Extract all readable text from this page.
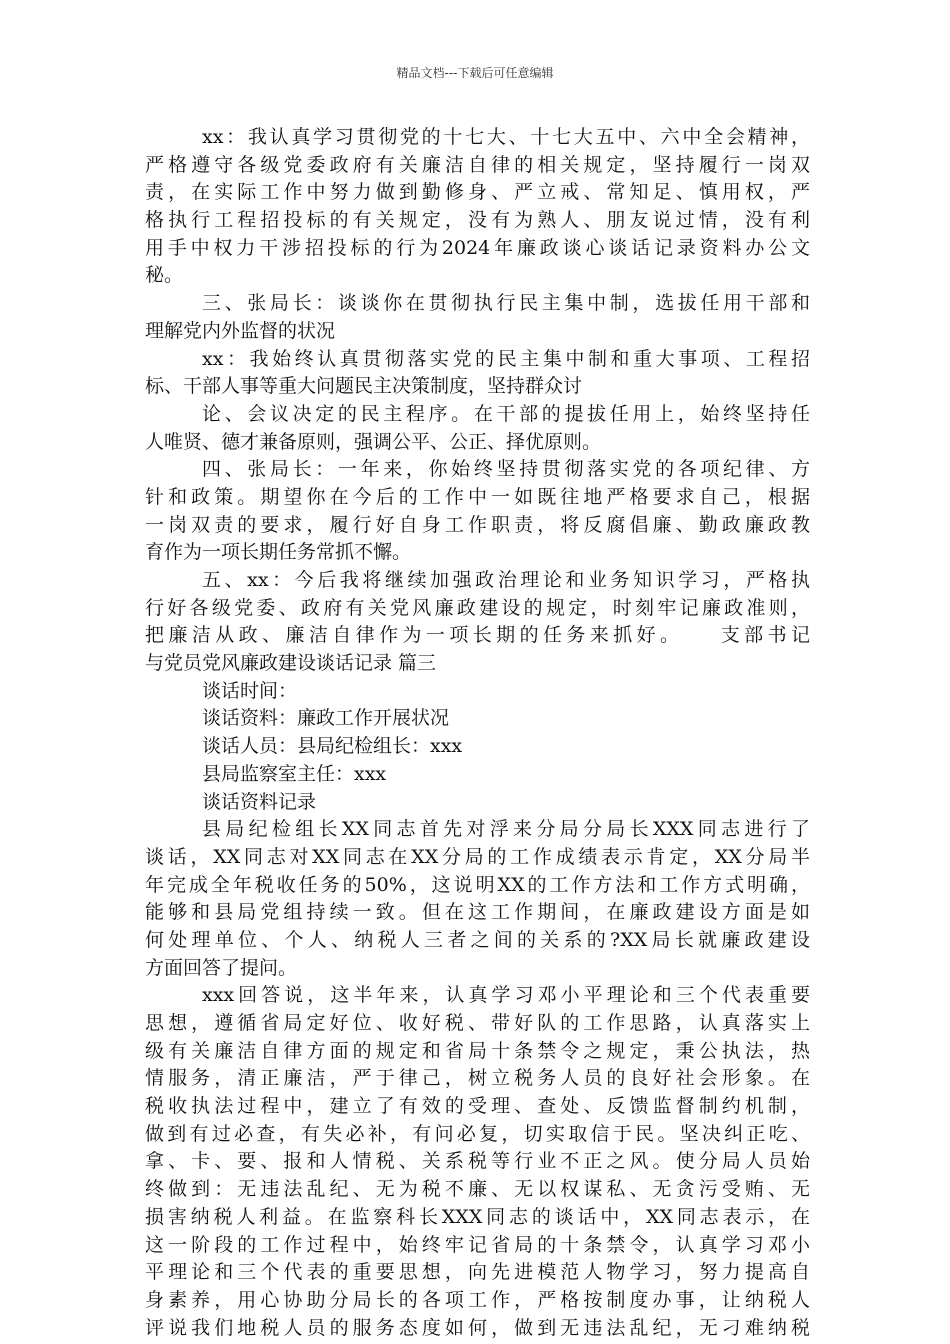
精品文档---下载后可任意编辑
xx：我认真学习贯彻党的十七大、十七大五中、六中全会精神，
严格遵守各级党委政府有关廉洁自律的相关规定，坚持履行一岗双
责，在实际工作中努力做到勤修身、严立戒、常知足、慎用权，严
格执行工程招投标的有关规定，没有为熟人、朋友说过情，没有利
用手中权力干涉招投标的行为2024年廉政谈心谈话记录资料办公文
秘。
三、张局长：谈谈你在贯彻执行民主集中制，选拔任用干部和
理解党内外监督的状况
xx：我始终认真贯彻落实党的民主集中制和重大事项、工程招
标、干部人事等重大问题民主决策制度，坚持群众讨
论、会议决定的民主程序。在干部的提拔任用上，始终坚持任
人唯贤、德才兼备原则，强调公平、公正、择优原则。
四、张局长：一年来，你始终坚持贯彻落实党的各项纪律、方
针和政策。期望你在今后的工作中一如既往地严格要求自己，根据
一岗双责的要求，履行好自身工作职责，将反腐倡廉、勤政廉政教
育作为一项长期任务常抓不懈。
五、xx：今后我将继续加强政治理论和业务知识学习，严格执
行好各级党委、政府有关党风廉政建设的规定，时刻牢记廉政准则，
把廉洁从政、廉洁自律作为一项长期的任务来抓好。　　支部书记
与党员党风廉政建设谈话记录 篇三
谈话时间：
谈话资料：廉政工作开展状况
谈话人员：县局纪检组长：xxx
县局监察室主任：xxx
谈话资料记录
县局纪检组长XX同志首先对浮来分局分局长XXX同志进行了
谈话，XX同志对XX同志在XX分局的工作成绩表示肯定，XX分局半
年完成全年税收任务的50%，这说明XX的工作方法和工作方式明确，
能够和县局党组持续一致。但在这工作期间，在廉政建设方面是如
何处理单位、个人、纳税人三者之间的关系的?XX局长就廉政建设
方面回答了提问。
xxx回答说，这半年来，认真学习邓小平理论和三个代表重要
思想，遵循省局定好位、收好税、带好队的工作思路，认真落实上
级有关廉洁自律方面的规定和省局十条禁令之规定，秉公执法，热
情服务，清正廉洁，严于律己，树立税务人员的良好社会形象。在
税收执法过程中，建立了有效的受理、查处、反馈监督制约机制，
做到有过必查，有失必补，有问必复，切实取信于民。坚决纠正吃、
拿、卡、要、报和人情税、关系税等行业不正之风。使分局人员始
终做到：无违法乱纪、无为税不廉、无以权谋私、无贪污受贿、无
损害纳税人利益。在监察科长XXX同志的谈话中，XX同志表示，在
这一阶段的工作过程中，始终牢记省局的十条禁令，认真学习邓小
平理论和三个代表的重要思想，向先进模范人物学习，努力提高自
身素养，用心协助分局长的各项工作，严格按制度办事，让纳税人
评说我们地税人员的服务态度如何，做到无违法乱纪，无刁难纳税
